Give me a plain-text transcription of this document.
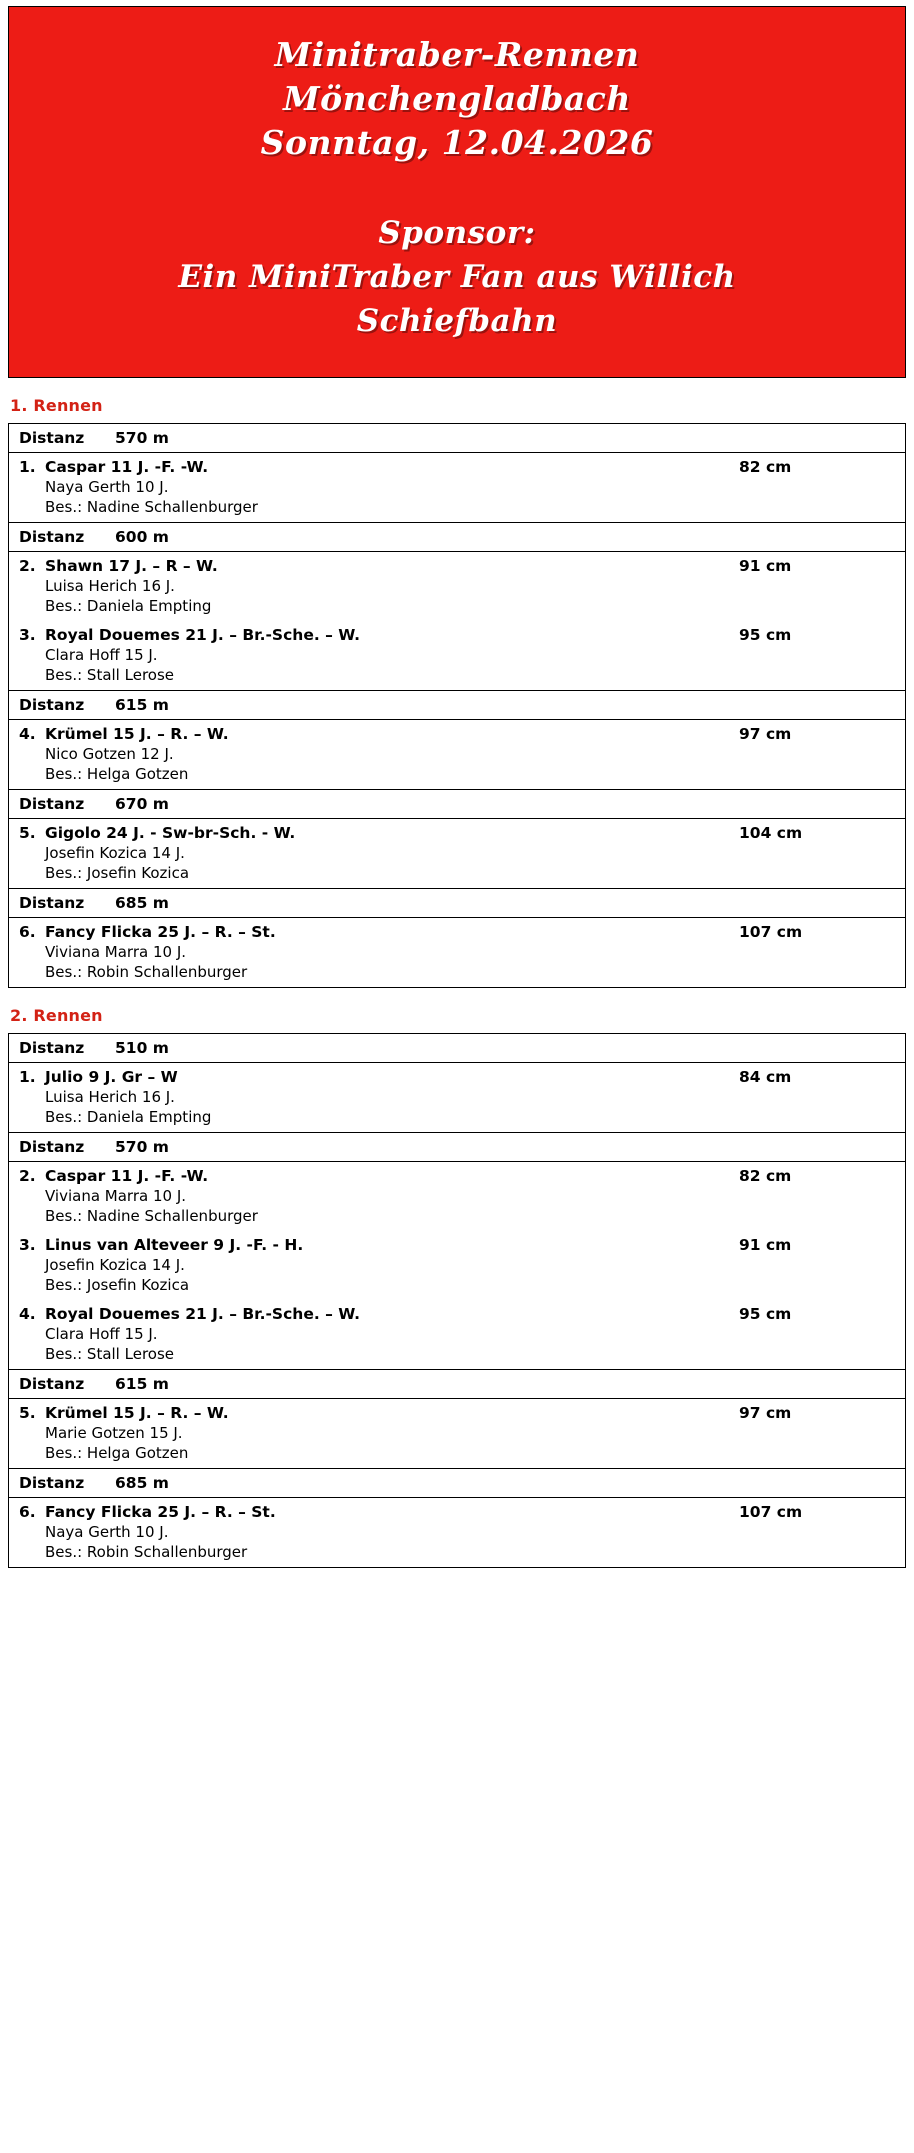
Minitraber-Rennen
Mönchengladbach
Sonntag, 12.04.2026
Sponsor:
Ein MiniTraber Fan aus Willich
Schiefbahn
1. Rennen
Distanz	570 m
1. Caspar 11 J. -F. -W.	82 cm
Naya Gerth 10 J.
Bes.: Nadine Schallenburger
Distanz	600 m
2. Shawn 17 J. – R – W.	91 cm
Luisa Herich 16 J.
Bes.: Daniela Empting
3. Royal Douemes 21 J. – Br.-Sche. – W.	95 cm
Clara Hoff 15 J.
Bes.: Stall Lerose
Distanz	615 m
4. Krümel 15 J. – R. – W.	97 cm
Nico Gotzen 12 J.
Bes.: Helga Gotzen
Distanz	670 m
5. Gigolo 24 J. - Sw-br-Sch. - W.	104 cm
Josefin Kozica 14 J.
Bes.: Josefin Kozica
Distanz	685 m
6. Fancy Flicka 25 J. – R. – St.	107 cm
Viviana Marra 10 J.
Bes.: Robin Schallenburger
2. Rennen
Distanz	510 m
1. Julio 9 J. Gr – W	84 cm
Luisa Herich 16 J.
Bes.: Daniela Empting
Distanz	570 m
2. Caspar 11 J. -F. -W.	82 cm
Viviana Marra 10 J.
Bes.: Nadine Schallenburger
3. Linus van Alteveer 9 J. -F. - H.	91 cm
Josefin Kozica 14 J.
Bes.: Josefin Kozica
4. Royal Douemes 21 J. – Br.-Sche. – W.	95 cm
Clara Hoff 15 J.
Bes.: Stall Lerose
Distanz	615 m
5. Krümel 15 J. – R. – W.	97 cm
Marie Gotzen 15 J.
Bes.: Helga Gotzen
Distanz	685 m
6. Fancy Flicka 25 J. – R. – St.	107 cm
Naya Gerth 10 J.
Bes.: Robin Schallenburger
